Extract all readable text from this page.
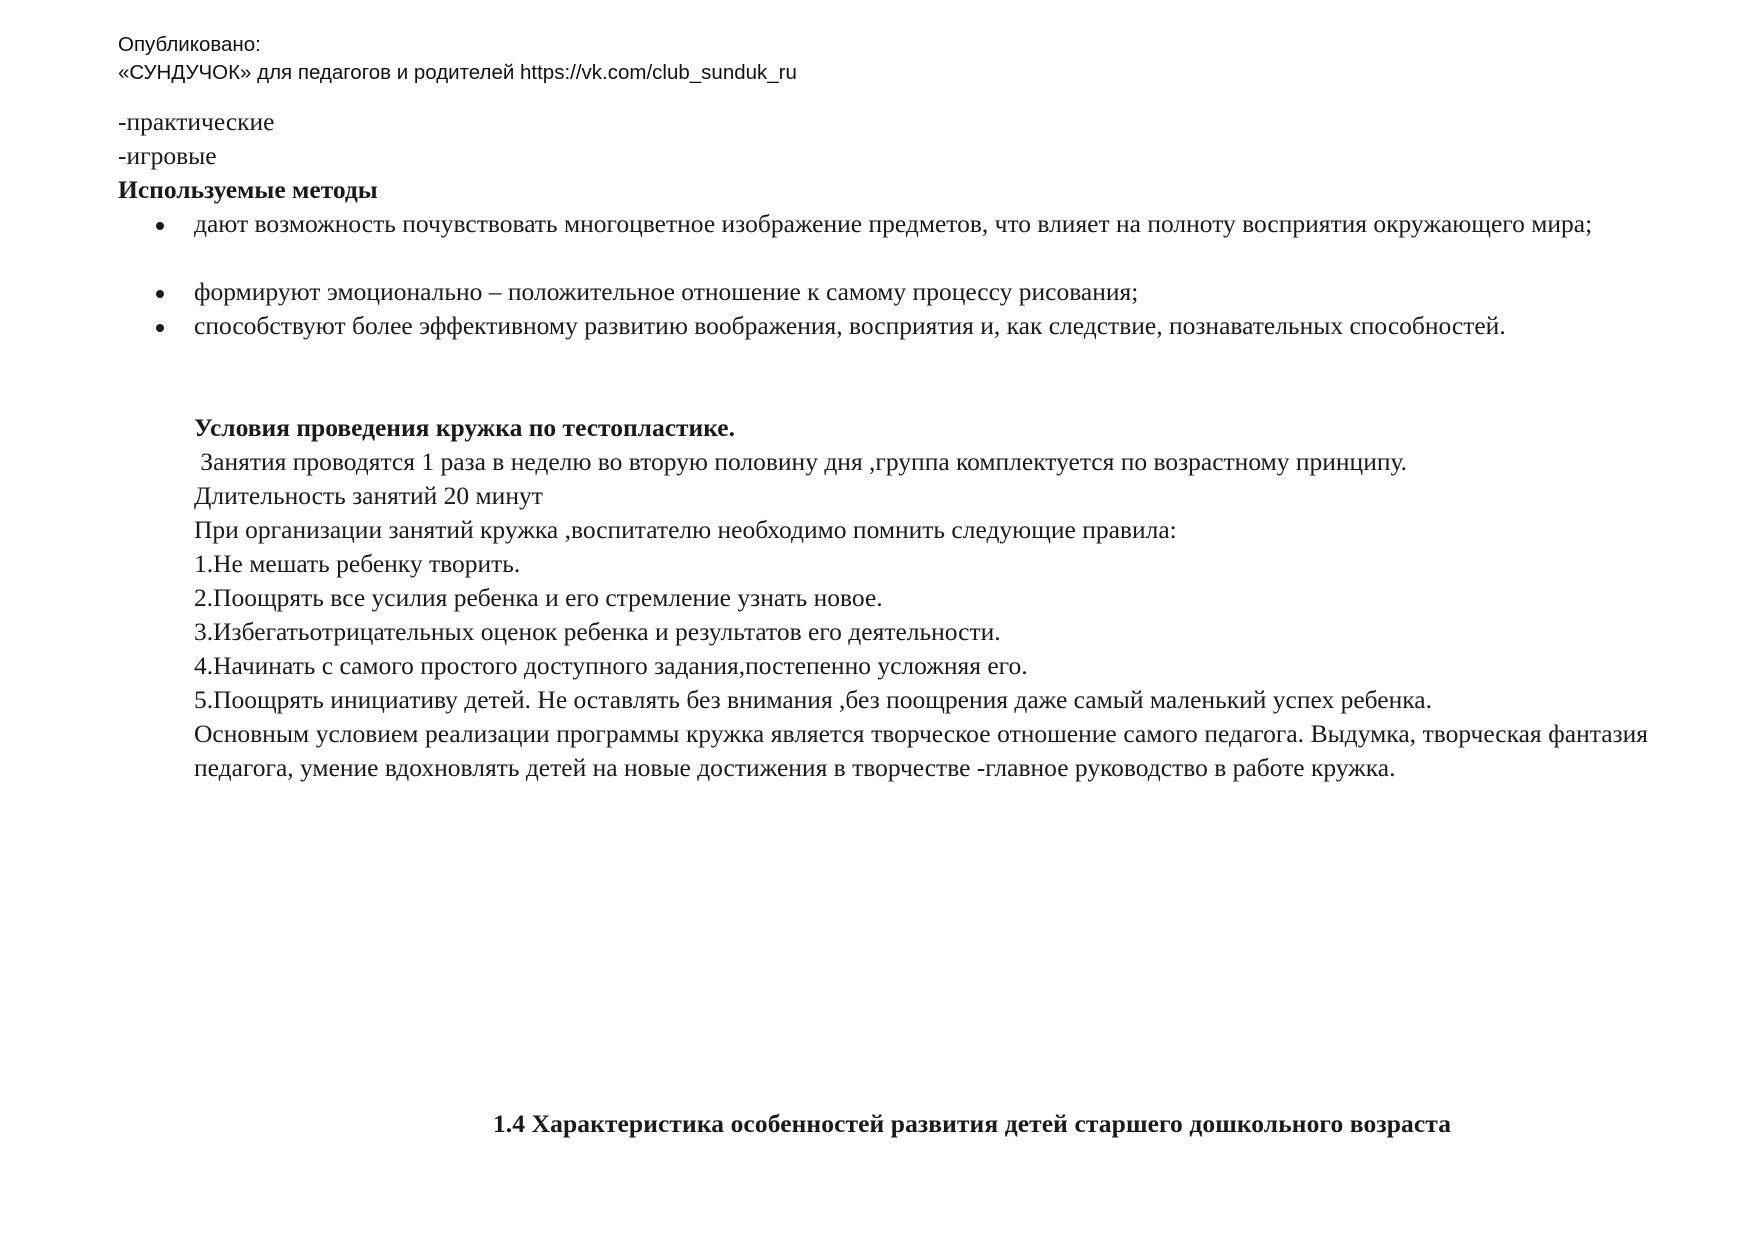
Опубликовано:
«СУНДУЧОК» для педагогов и родителей https://vk.com/club_sunduk_ru
-практические
-игровые
Используемые методы
дают возможность почувствовать многоцветное изображение предметов, что влияет на полноту восприятия окружающего мира;
формируют эмоционально – положительное отношение к самому процессу рисования;
способствуют более эффективному развитию воображения, восприятия и, как следствие, познавательных способностей.
Условия проведения кружка по тестопластике.
Занятия проводятся 1 раза в неделю во вторую половину дня ,группа комплектуется по возрастному принципу.
Длительность занятий 20 минут
При организации занятий кружка ,воспитателю необходимо помнить следующие правила:
1.Не мешать ребенку творить.
2.Поощрять все усилия ребенка и его стремление узнать новое.
3.Избегатьотрицательных оценок ребенка и результатов его деятельности.
4.Начинать с самого простого доступного задания,постепенно усложняя его.
5.Поощрять инициативу детей. Не оставлять без внимания ,без поощрения даже самый маленький успех ребенка.
Основным условием реализации программы кружка является творческое отношение самого педагога. Выдумка, творческая фантазия педагога, умение вдохновлять детей на новые достижения в творчестве -главное руководство в работе кружка.
1.4 Характеристика особенностей развития детей старшего дошкольного возраста
